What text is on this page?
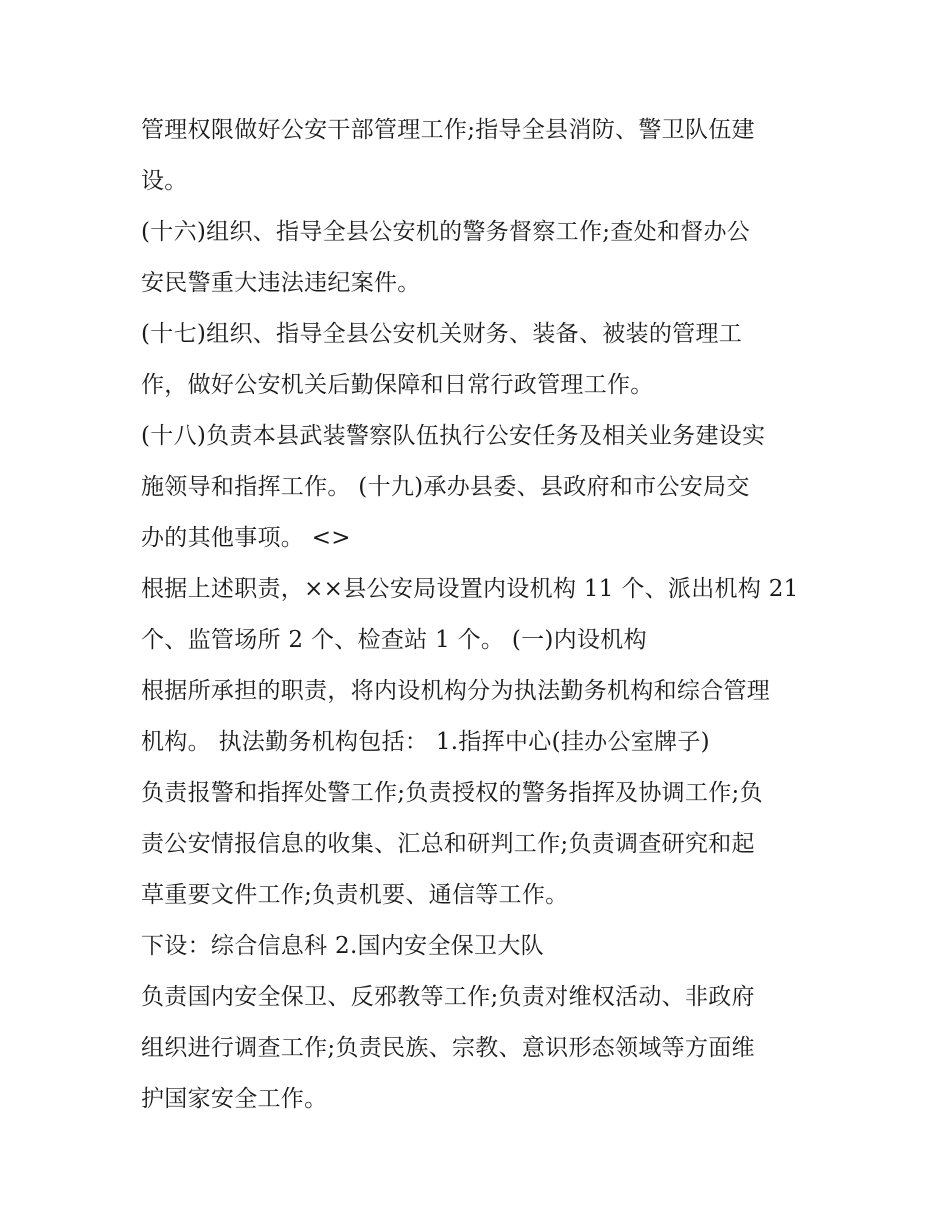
管理权限做好公安干部管理工作;指导全县消防、警卫队伍建
设。
(十六)组织、指导全县公安机的警务督察工作;查处和督办公
安民警重大违法违纪案件。
(十七)组织、指导全县公安机关财务、装备、被装的管理工
作，做好公安机关后勤保障和日常行政管理工作。
(十八)负责本县武装警察队伍执行公安任务及相关业务建设实
施领导和指挥工作。 (十九)承办县委、县政府和市公安局交
办的其他事项。 <>
根据上述职责，××县公安局设置内设机构 11 个、派出机构 21
个、监管场所 2 个、检查站 1 个。 (一)内设机构
根据所承担的职责，将内设机构分为执法勤务机构和综合管理
机构。 执法勤务机构包括： 1.指挥中心(挂办公室牌子)
负责报警和指挥处警工作;负责授权的警务指挥及协调工作;负
责公安情报信息的收集、汇总和研判工作;负责调查研究和起
草重要文件工作;负责机要、通信等工作。
下设：综合信息科 2.国内安全保卫大队
负责国内安全保卫、反邪教等工作;负责对维权活动、非政府
组织进行调查工作;负责民族、宗教、意识形态领域等方面维
护国家安全工作。
